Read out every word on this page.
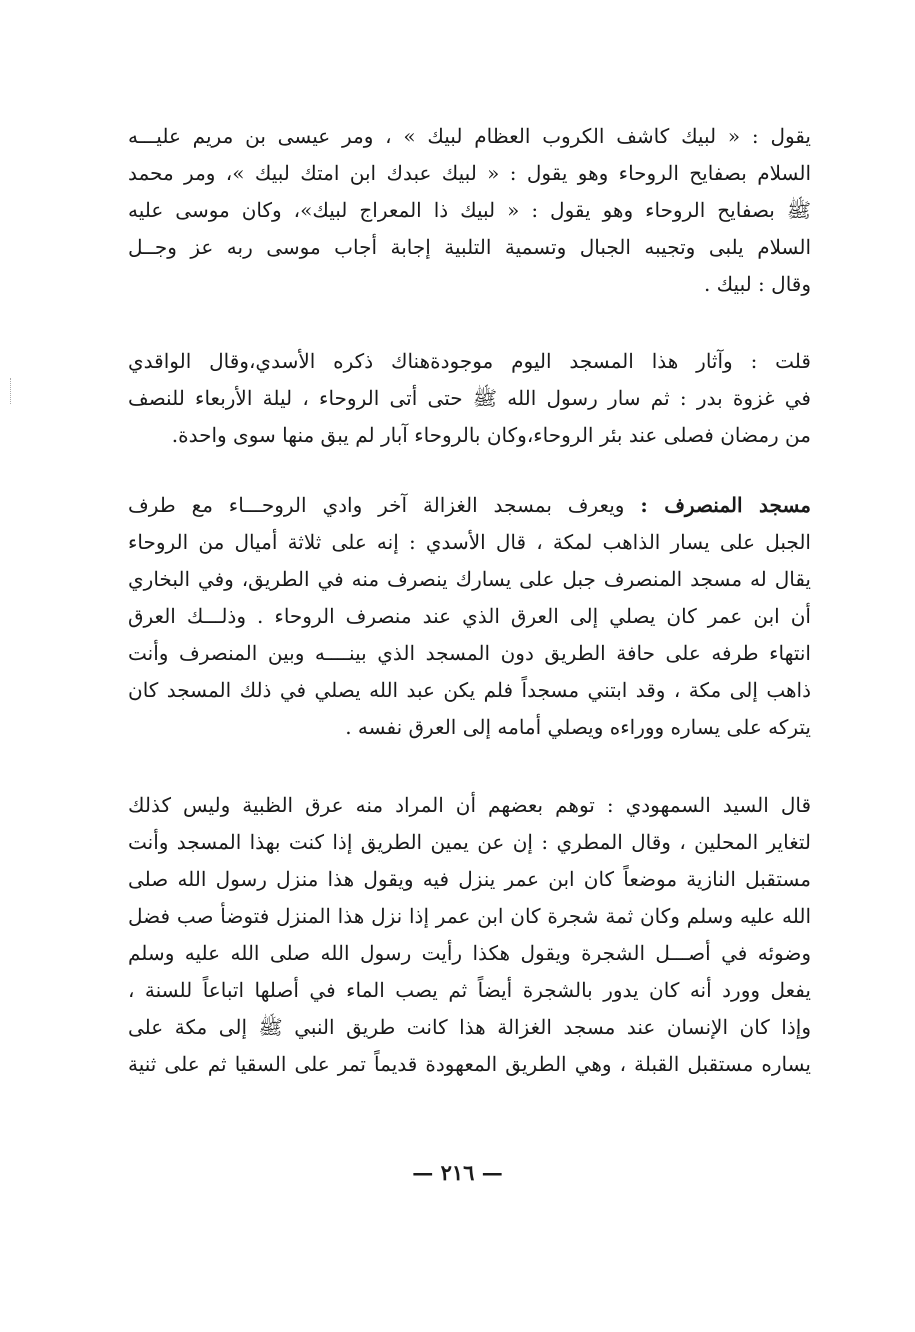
يقول : « لبيك كاشف الكروب العظام لبيك » ، ومر عيسى بن مريم عليـــه
السلام بصفايح الروحاء وهو يقول : « لبيك عبدك ابن امتك لبيك »، ومر محمد
ﷺ بصفايح الروحاء وهو يقول : « لبيك ذا المعراج لبيك»، وكان موسى عليه
السلام يلبى وتجيبه الجبال وتسمية التلبية إجابة أجاب موسى ربه عز وجــل
وقال : لبيك .
قلت : وآثار هذا المسجد اليوم موجودةهناك ذكره الأسدي،وقال الواقدي
في غزوة بدر : ثم سار رسول الله ﷺ حتى أتى الروحاء ، ليلة الأربعاء للنصف
من رمضان فصلى عند بئر الروحاء،وكان بالروحاء آبار لم يبق منها سوى واحدة.
مسجد المنصرف : ويعرف بمسجد الغزالة آخر وادي الروحـــاء مع طرف
الجبل على يسار الذاهب لمكة ، قال الأسدي : إنه على ثلاثة أميال من الروحاء
يقال له مسجد المنصرف جبل على يسارك ينصرف منه في الطريق، وفي البخاري
أن ابن عمر كان يصلي إلى العرق الذي عند منصرف الروحاء . وذلـــك العرق
انتهاء طرفه على حافة الطريق دون المسجد الذي بينــــه وبين المنصرف وأنت
ذاهب إلى مكة ، وقد ابتني مسجداً فلم يكن عبد الله يصلي في ذلك المسجد كان
يتركه على يساره ووراءه ويصلي أمامه إلى العرق نفسه .
قال السيد السمهودي : توهم بعضهم أن المراد منه عرق الظبية وليس كذلك
لتغاير المحلين ، وقال المطري : إن عن يمين الطريق إذا كنت بهذا المسجد وأنت
مستقبل النازية موضعاً كان ابن عمر ينزل فيه ويقول هذا منزل رسول الله صلى
الله عليه وسلم وكان ثمة شجرة كان ابن عمر إذا نزل هذا المنزل فتوضأ صب فضل
وضوئه في أصـــل الشجرة ويقول هكذا رأيت رسول الله صلى الله عليه وسلم
يفعل وورد أنه كان يدور بالشجرة أيضاً ثم يصب الماء في أصلها اتباعاً للسنة ،
وإذا كان الإنسان عند مسجد الغزالة هذا كانت طريق النبي ﷺ إلى مكة على
يساره مستقبل القبلة ، وهي الطريق المعهودة قديماً تمر على السقيا ثم على ثنية
— ٢١٦ —
